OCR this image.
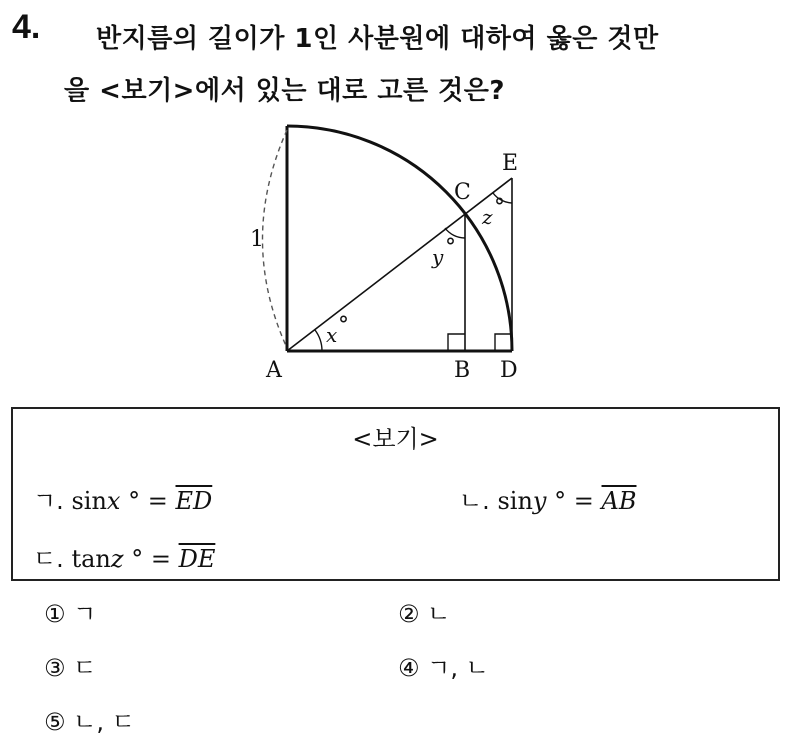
4. 반지름의 길이가 1인 사분원에 대하여 옳은 것만
을 <보기>에서 있는 대로 고른 것은?
A	B D
C
E
1
x °
y °
z °
<보기>
ㄱ. sinx ° = $\overline{ED}$	ㄴ. siny ° = $\overline{AB}$
ㄷ. tanz ° = $\overline{DE}$
① ㄱ	② ㄴ
③ ㄷ	④ ㄱ, ㄴ
⑤ ㄴ, ㄷ
